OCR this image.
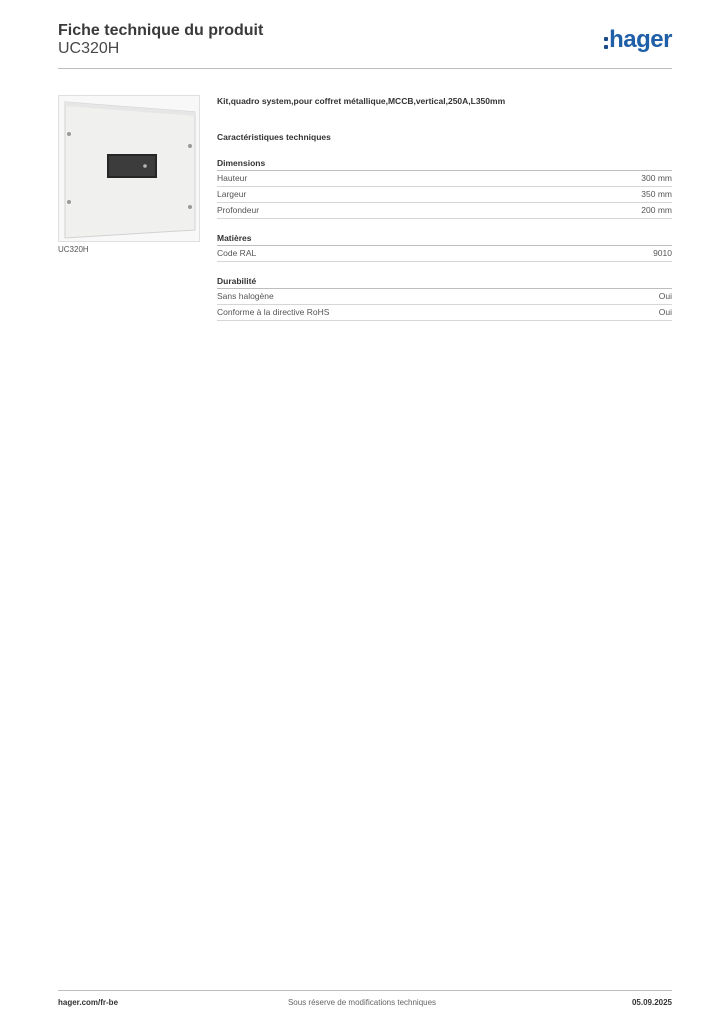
Fiche technique du produit
UC320H	hager
UC320H
Kit,quadro system,pour coffret métallique,MCCB,vertical,250A,L350mm
Caractéristiques techniques
Dimensions
Hauteur	300 mm
Largeur	350 mm
Profondeur	200 mm
Matières
Code RAL	9010
Durabilité
Sans halogène	Oui
Conforme à la directive RoHS	Oui
hager.com/fr-be	Sous réserve de modifications techniques	05.09.2025
